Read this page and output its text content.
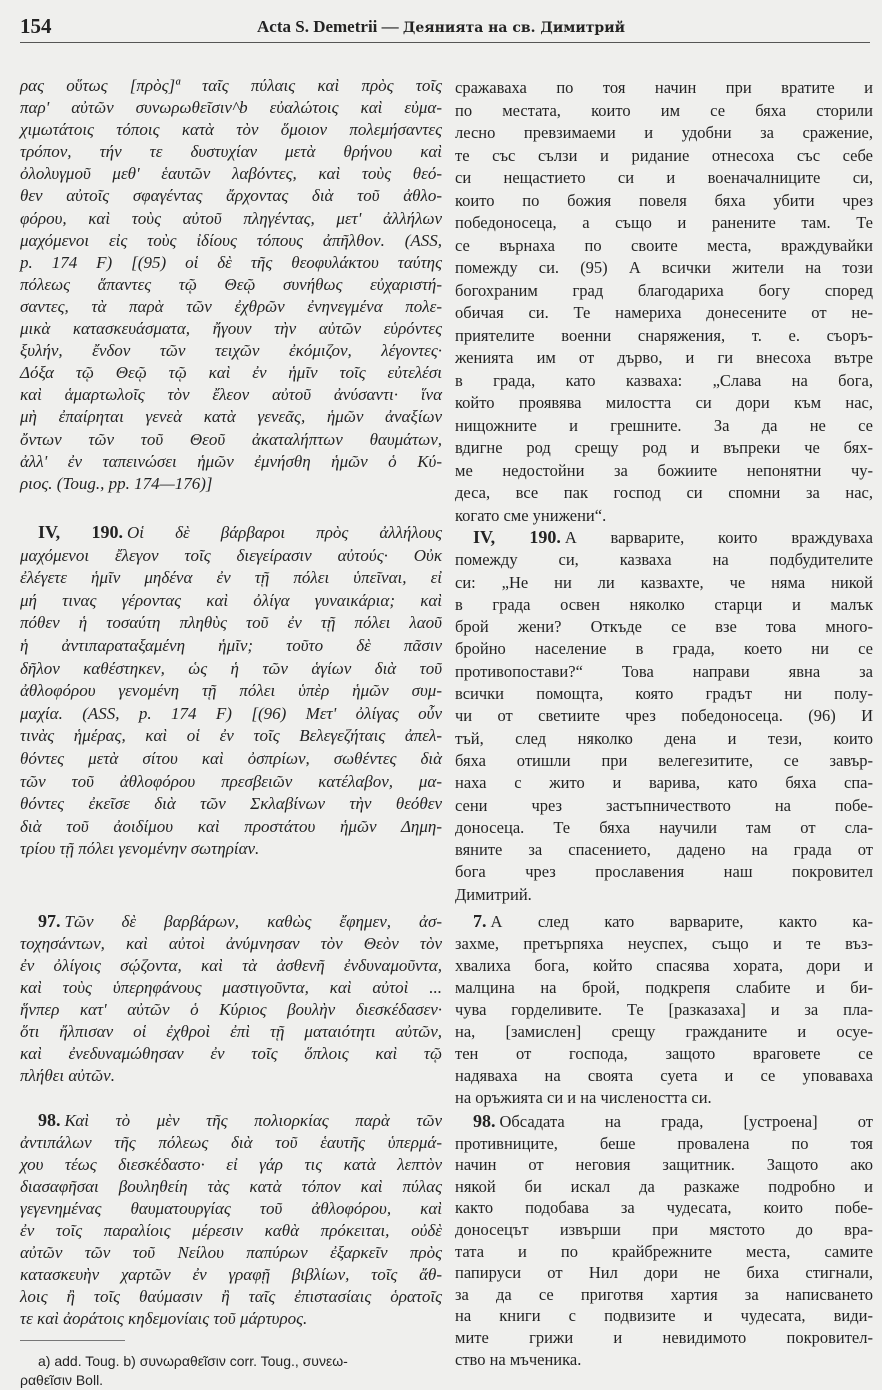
154	Acta S. Demetrii — Деянията на св. Димитрий
ρας οὕτως [πρὸς]ª ταῖς πύλαις καὶ πρὸς τοῖς
παρ' αὐτῶν συνωρωθεῖσιν^b εὐαλώτοις καὶ εὐμα-
χιμωτάτοις τόποις κατὰ τὸν ὅμοιον πολεμήσαντες
τρόπον, τήν τε δυστυχίαν μετὰ θρήνου καὶ
ὀλολυγμοῦ μεθ' ἑαυτῶν λαβόντες, καὶ τοὺς θεό-
θεν αὐτοῖς σφαγέντας ἄρχοντας διὰ τοῦ ἀθλο-
φόρου, καὶ τοὺς αὐτοῦ πληγέντας, μετ' ἀλλήλων
μαχόμενοι εἰς τοὺς ἰδίους τόπους ἀπῆλθον. (ASS,
p. 174 F) [(95) οἱ δὲ τῆς θεοφυλάκτου ταύτης
πόλεως ἅπαντες τῷ Θεῷ συνήθως εὐχαριστή-
σαντες, τὰ παρὰ τῶν ἐχθρῶν ἐνηνεγμένα πολε-
μικὰ κατασκευάσματα, ἤγουν τὴν αὐτῶν εὑρόντες
ξυλήν, ἔνδον τῶν τειχῶν ἐκόμιζον, λέγοντες·
Δόξα τῷ Θεῷ τῷ καὶ ἐν ἡμῖν τοῖς εὐτελέσι
καὶ ἁμαρτωλοῖς τὸν ἔλεον αὐτοῦ ἀνύσαντι· ἵνα
μὴ ἐπαίρηται γενεὰ κατὰ γενεᾶς, ἡμῶν ἀναξίων
ὄντων τῶν τοῦ Θεοῦ ἀκαταλήπτων θαυμάτων,
ἀλλ' ἐν ταπεινώσει ἡμῶν ἐμνήσθη ἡμῶν ὁ Κύ-
ριος. (Toug., pp. 174—176)]
IV, 190. Οἱ δὲ βάρβαροι πρὸς ἀλλήλους
μαχόμενοι ἔλεγον τοῖς διεγείρασιν αὐτούς· Οὐκ
ἐλέγετε ἡμῖν μηδένα ἐν τῇ πόλει ὑπεῖναι, εἰ
μή τινας γέροντας καὶ ὀλίγα γυναικάρια; καὶ
πόθεν ἡ τοσαύτη πληθὺς τοῦ ἐν τῇ πόλει λαοῦ
ἡ ἀντιπαραταξαμένη ἡμῖν; τοῦτο δὲ πᾶσιν
δῆλον καθέστηκεν, ὡς ἡ τῶν ἁγίων διὰ τοῦ
ἀθλοφόρου γενομένη τῇ πόλει ὑπὲρ ἡμῶν συμ-
μαχία. (ASS, p. 174 F) [(96) Μετ' ὀλίγας οὖν
τινὰς ἡμέρας, καὶ οἱ ἐν τοῖς Βελεγεζήταις ἀπελ-
θόντες μετὰ σίτου καὶ ὀσπρίων, σωθέντες διὰ
τῶν τοῦ ἀθλοφόρου πρεσβειῶν κατέλαβον, μα-
θόντες ἐκεῖσε διὰ τῶν Σκλαβίνων τὴν θεόθεν
διὰ τοῦ ἀοιδίμου καὶ προστάτου ἡμῶν Δημη-
τρίου τῇ πόλει γενομένην σωτηρίαν.
97. Τῶν δὲ βαρβάρων, καθὼς ἔφημεν, ἀσ-
τοχησάντων, καὶ αὐτοὶ ἀνύμνησαν τὸν Θεὸν τὸν
ἐν ὀλίγοις σῴζοντα, καὶ τὰ ἀσθενῆ ἐνδυναμοῦντα,
καὶ τοὺς ὑπερηφάνους μαστιγοῦντα, καὶ αὐτοὶ ...
ἥνπερ κατ' αὐτῶν ὁ Κύριος βουλὴν διεσκέδασεν·
ὅτι ἤλπισαν οἱ ἐχθροὶ ἐπὶ τῇ ματαιότητι αὐτῶν,
καὶ ἐνεδυναμώθησαν ἐν τοῖς ὅπλοις καὶ τῷ
πλήθει αὐτῶν.
98. Καὶ τὸ μὲν τῆς πολιορκίας παρὰ τῶν
ἀντιπάλων τῆς πόλεως διὰ τοῦ ἑαυτῆς ὑπερμά-
χου τέως διεσκέδαστο· εἰ γάρ τις κατὰ λεπτὸν
διασαφῆσαι βουληθείη τὰς κατὰ τόπον καὶ πύλας
γεγενημένας θαυματουργίας τοῦ ἀθλοφόρου, καὶ
ἐν τοῖς παραλίοις μέρεσιν καθὰ πρόκειται, οὐδὲ
αὐτῶν τῶν τοῦ Νείλου παπύρων ἐξαρκεῖν πρὸς
κατασκευὴν χαρτῶν ἐν γραφῇ βιβλίων, τοῖς ἄθ-
λοις ἢ τοῖς θαύμασιν ἢ ταῖς ἐπιστασίαις ὁρατοῖς
τε καὶ ἀοράτοις κηδεμονίαις τοῦ μάρτυρος.
сражаваха по тоя начин при вратите и
по местата, които им се бяха сторили
лесно превзимаеми и удобни за сражение,
те със сълзи и ридание отнесоха със себе
си нещастието си и военачалниците си,
които по божия повеля бяха убити чрез
победоносеца, а също и ранените там. Те
се върнаха по своите места, враждувайки
помежду си. (95) А всички жители на този
богохраним град благодариха богу според
обичая си. Те намериха донесените от не-
приятелите военни снаряжения, т. е. съоръ-
женията им от дърво, и ги внесоха вътре
в града, като казваха: „Слава на бога,
който проявява милостта си дори към нас,
нищожните и грешните. За да не се
вдигне род срещу род и въпреки че бях-
ме недостойни за божиите непонятни чу-
деса, все пак господ си спомни за нас,
когато сме унижени“.
IV, 190. А варварите, които враждуваха
помежду си, казваха на подбудителите
си: „Не ни ли казвахте, че няма никой
в града освен няколко старци и малък
брой жени? Откъде се взе това много-
бройно население в града, което ни се
противопостави?“ Това направи явна за
всички помощта, която градът ни полу-
чи от светиите чрез победоносеца. (96) И
тъй, след няколко дена и тези, които
бяха отишли при велегезитите, се завър-
наха с жито и варива, като бяха спа-
сени чрез застъпничеството на побе-
доносеца. Те бяха научили там от сла-
вяните за спасението, дадено на града от
бога чрез прославения наш покровител
Димитрий.
7. А след като варварите, както ка-
захме, претърпяха неуспех, също и те въз-
хвалиха бога, който спасява хората, дори и
малцина на брой, подкрепя слабите и би-
чува горделивите. Те [разказаха] и за пла-
на, [замислен] срещу гражданите и осуе-
тен от господа, защото враговете се
надяваха на своята суета и се уповаваха
на оръжията си и на числеността си.
98. Обсадата на града, [устроена] от
противниците, беше провалена по тоя
начин от неговия защитник. Защото ако
някой би искал да разкаже подробно и
както подобава за чудесата, които побе-
доносецът извърши при мястото до вра-
тата и по крайбрежните места, самите
папируси от Нил дори не биха стигнали,
за да се приготвя хартия за написването
на книги с подвизите и чудесата, види-
мите грижи и невидимото покровител-
ство на мъченика.
a) add. Toug. b) συνωραθεῖσιν corr. Toug., συνεω-
ραθεῖσιν Boll.
